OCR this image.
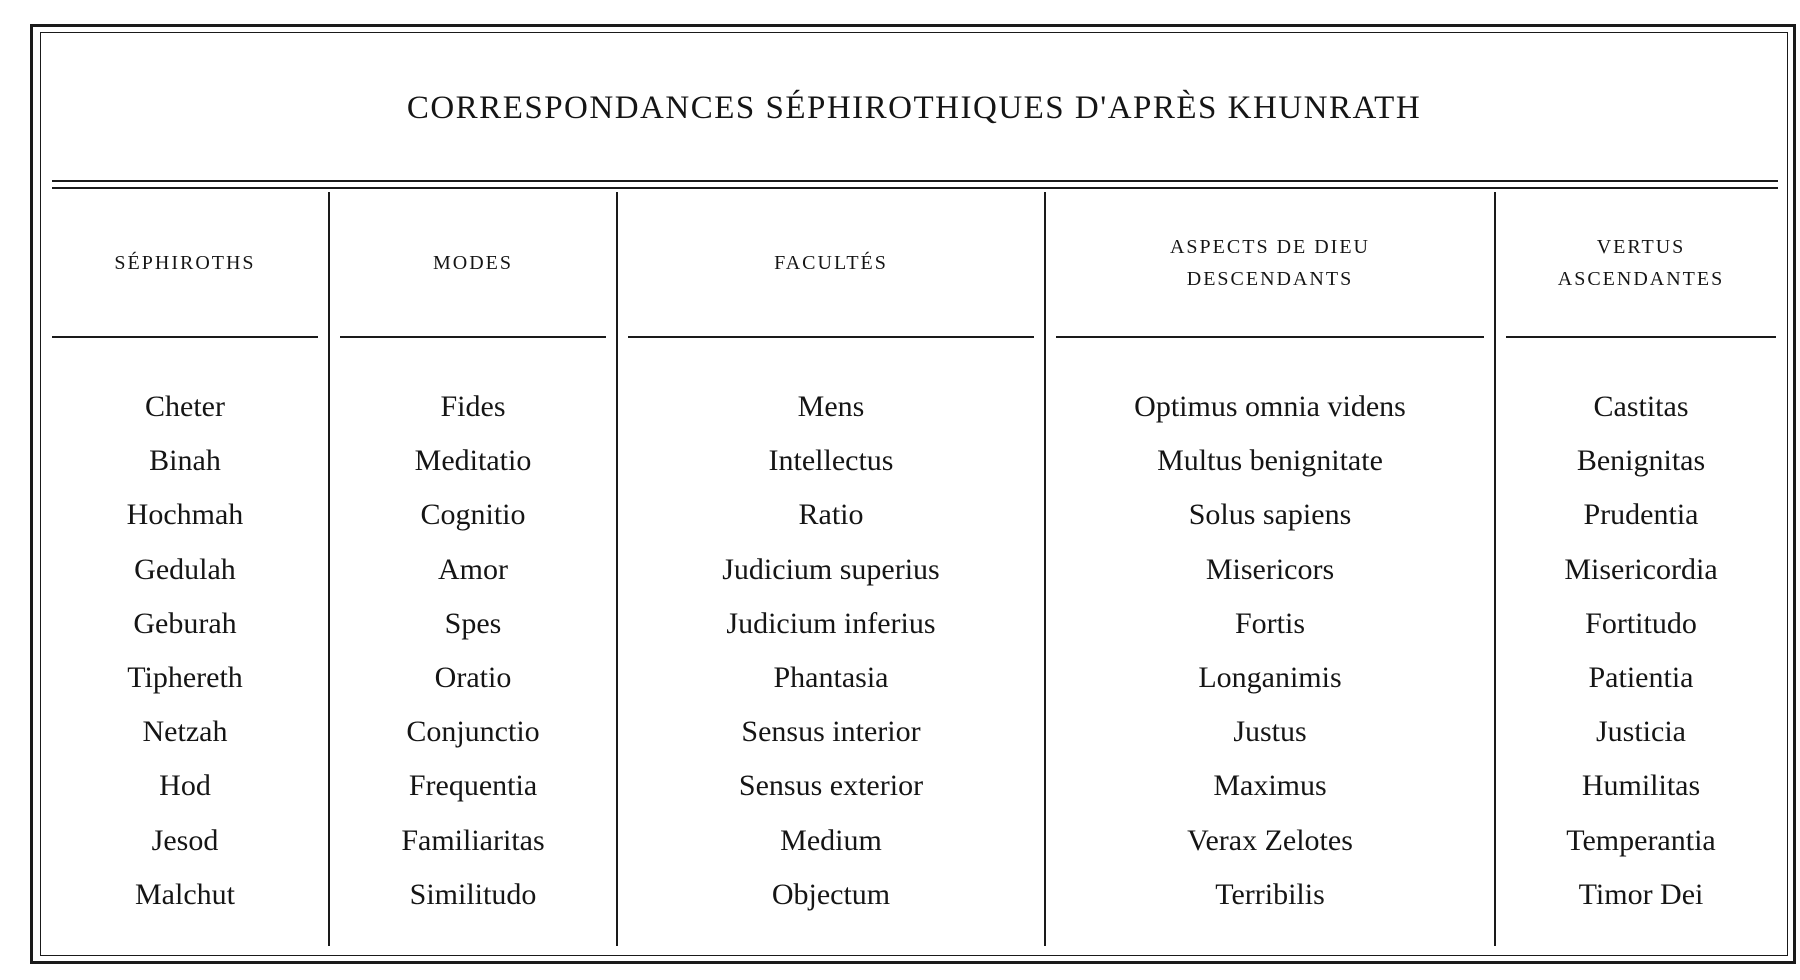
CORRESPONDANCES SÉPHIROTHIQUES D'APRÈS KHUNRATH
SÉPHIROTHS
Cheter
Binah
Hochmah
Gedulah
Geburah
Tiphereth
Netzah
Hod
Jesod
Malchut
MODES
Fides
Meditatio
Cognitio
Amor
Spes
Oratio
Conjunctio
Frequentia
Familiaritas
Similitudo
FACULTÉS
Mens
Intellectus
Ratio
Judicium superius
Judicium inferius
Phantasia
Sensus interior
Sensus exterior
Medium
Objectum
ASPECTS DE DIEU
DESCENDANTS
Optimus omnia videns
Multus benignitate
Solus sapiens
Misericors
Fortis
Longanimis
Justus
Maximus
Verax Zelotes
Terribilis
VERTUS
ASCENDANTES
Castitas
Benignitas
Prudentia
Misericordia
Fortitudo
Patientia
Justicia
Humilitas
Temperantia
Timor Dei
